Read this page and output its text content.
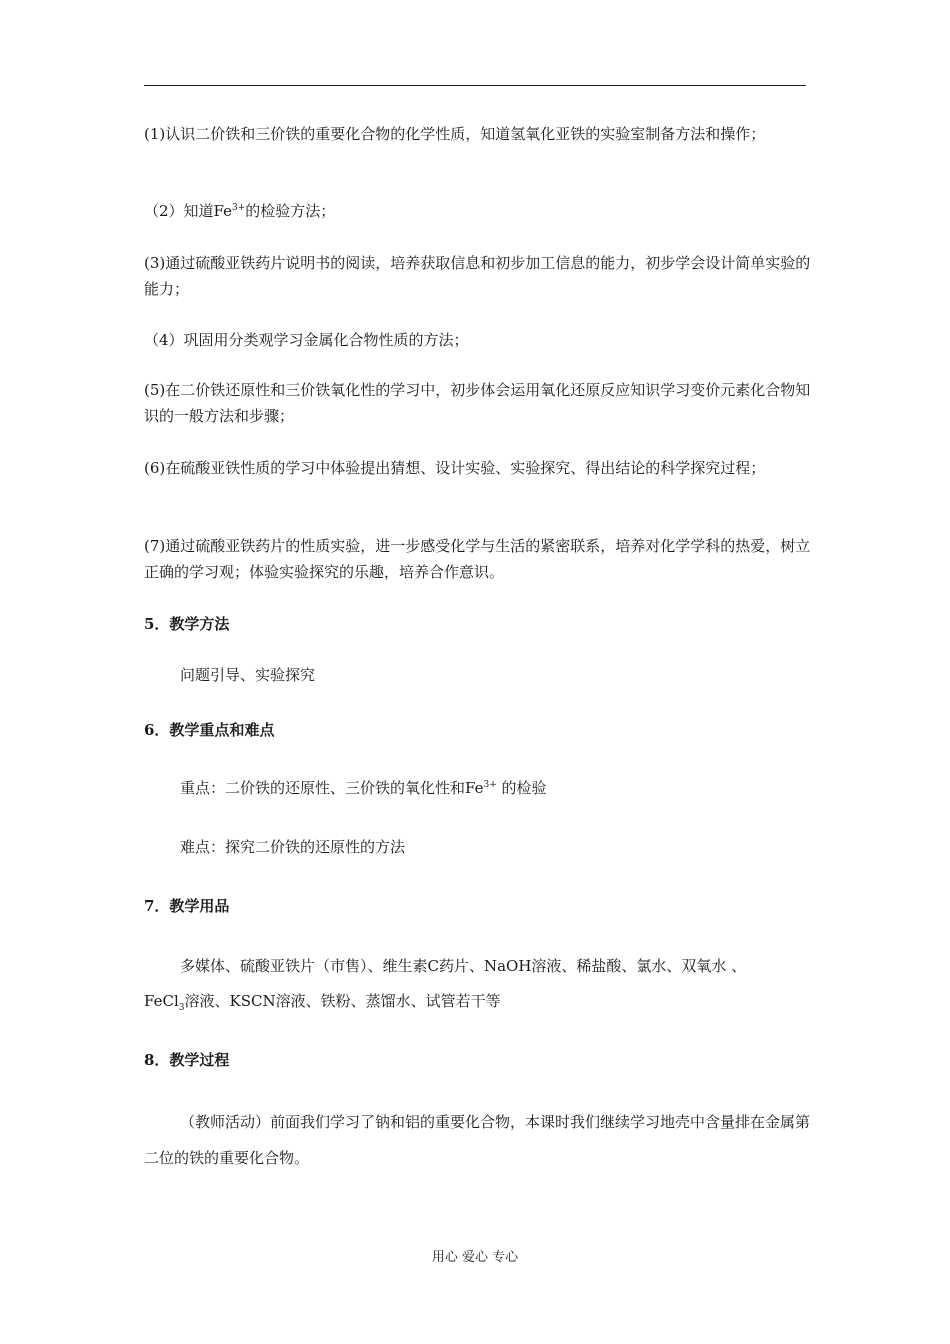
(1)认识二价铁和三价铁的重要化合物的化学性质，知道氢氧化亚铁的实验室制备方法和操作；
（2）知道$Fe^{3+}$的检验方法；
(3)通过硫酸亚铁药片说明书的阅读，培养获取信息和初步加工信息的能力，初步学会设计简单实验的能力；
（4）巩固用分类观学习金属化合物性质的方法；
(5)在二价铁还原性和三价铁氧化性的学习中，初步体会运用氧化还原反应知识学习变价元素化合物知识的一般方法和步骤；
(6)在硫酸亚铁性质的学习中体验提出猜想、设计实验、实验探究、得出结论的科学探究过程；
(7)通过硫酸亚铁药片的性质实验，进一步感受化学与生活的紧密联系，培养对化学学科的热爱，树立正确的学习观；体验实验探究的乐趣，培养合作意识。
5．教学方法
问题引导、实验探究
6．教学重点和难点
重点：二价铁的还原性、三价铁的氧化性和$Fe^{3+}$ 的检验
难点：探究二价铁的还原性的方法
7．教学用品
多媒体、硫酸亚铁片（市售）、维生素C药片、NaOH溶液、稀盐酸、氯水、双氧水 、
FeCl$_3$溶液、KSCN溶液、铁粉、蒸馏水、试管若干等
8．教学过程
（教师活动）前面我们学习了钠和铝的重要化合物，本课时我们继续学习地壳中含量排在金属第二位的铁的重要化合物。
用心 爱心 专心
